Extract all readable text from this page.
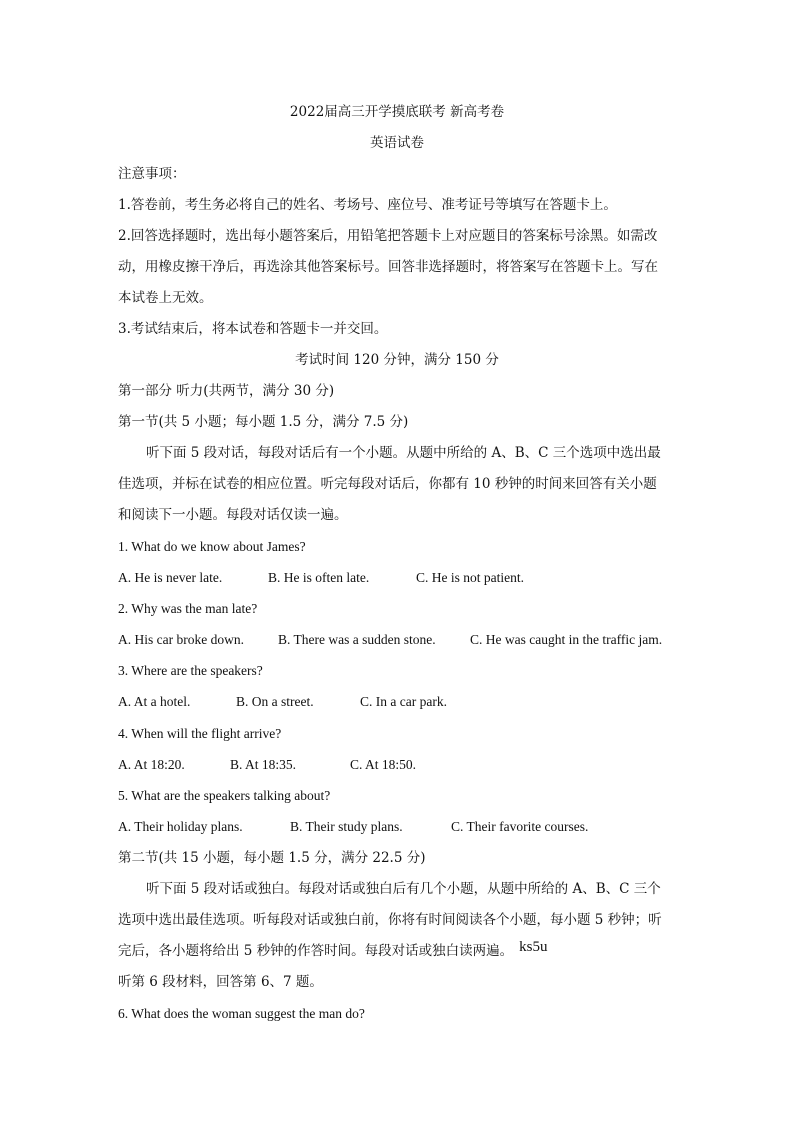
2022届高三开学摸底联考 新高考卷
英语试卷
注意事项：
1.答卷前，考生务必将自己的姓名、考场号、座位号、准考证号等填写在答题卡上。
2.回答选择题时，选出每小题答案后，用铅笔把答题卡上对应题目的答案标号涂黑。如需改
动，用橡皮擦干净后，再选涂其他答案标号。回答非选择题时，将答案写在答题卡上。写在
本试卷上无效。
3.考试结束后，将本试卷和答题卡一并交回。
考试时间 120 分钟，满分 150 分
第一部分 听力(共两节，满分 30 分)
第一节(共 5 小题；每小题 1.5 分，满分 7.5 分)
听下面 5 段对话，每段对话后有一个小题。从题中所给的 A、B、C 三个选项中选出最
佳选项，并标在试卷的相应位置。听完每段对话后，你都有 10 秒钟的时间来回答有关小题
和阅读下一小题。每段对话仅读一遍。
1. What do we know about James?
A. He is never late.	B. He is often late.	C. He is not patient.
2. Why was the man late?
A. His car broke down.	B. There was a sudden stone.	C. He was caught in the traffic jam.
3. Where are the speakers?
A. At a hotel.	B. On a street.	C. In a car park.
4. When will the flight arrive?
A. At 18:20.	B. At 18:35.	C. At 18:50.
5. What are the speakers talking about?
A. Their holiday plans.	B. Their study plans.	C. Their favorite courses.
第二节(共 15 小题，每小题 1.5 分，满分 22.5 分)
听下面 5 段对话或独白。每段对话或独白后有几个小题，从题中所给的 A、B、C 三个
选项中选出最佳选项。听每段对话或独白前，你将有时间阅读各个小题，每小题 5 秒钟；听
完后，各小题将给出 5 秒钟的作答时间。每段对话或独白读两遍。 ks5u
听第 6 段材料，回答第 6、7 题。
6. What does the woman suggest the man do?
